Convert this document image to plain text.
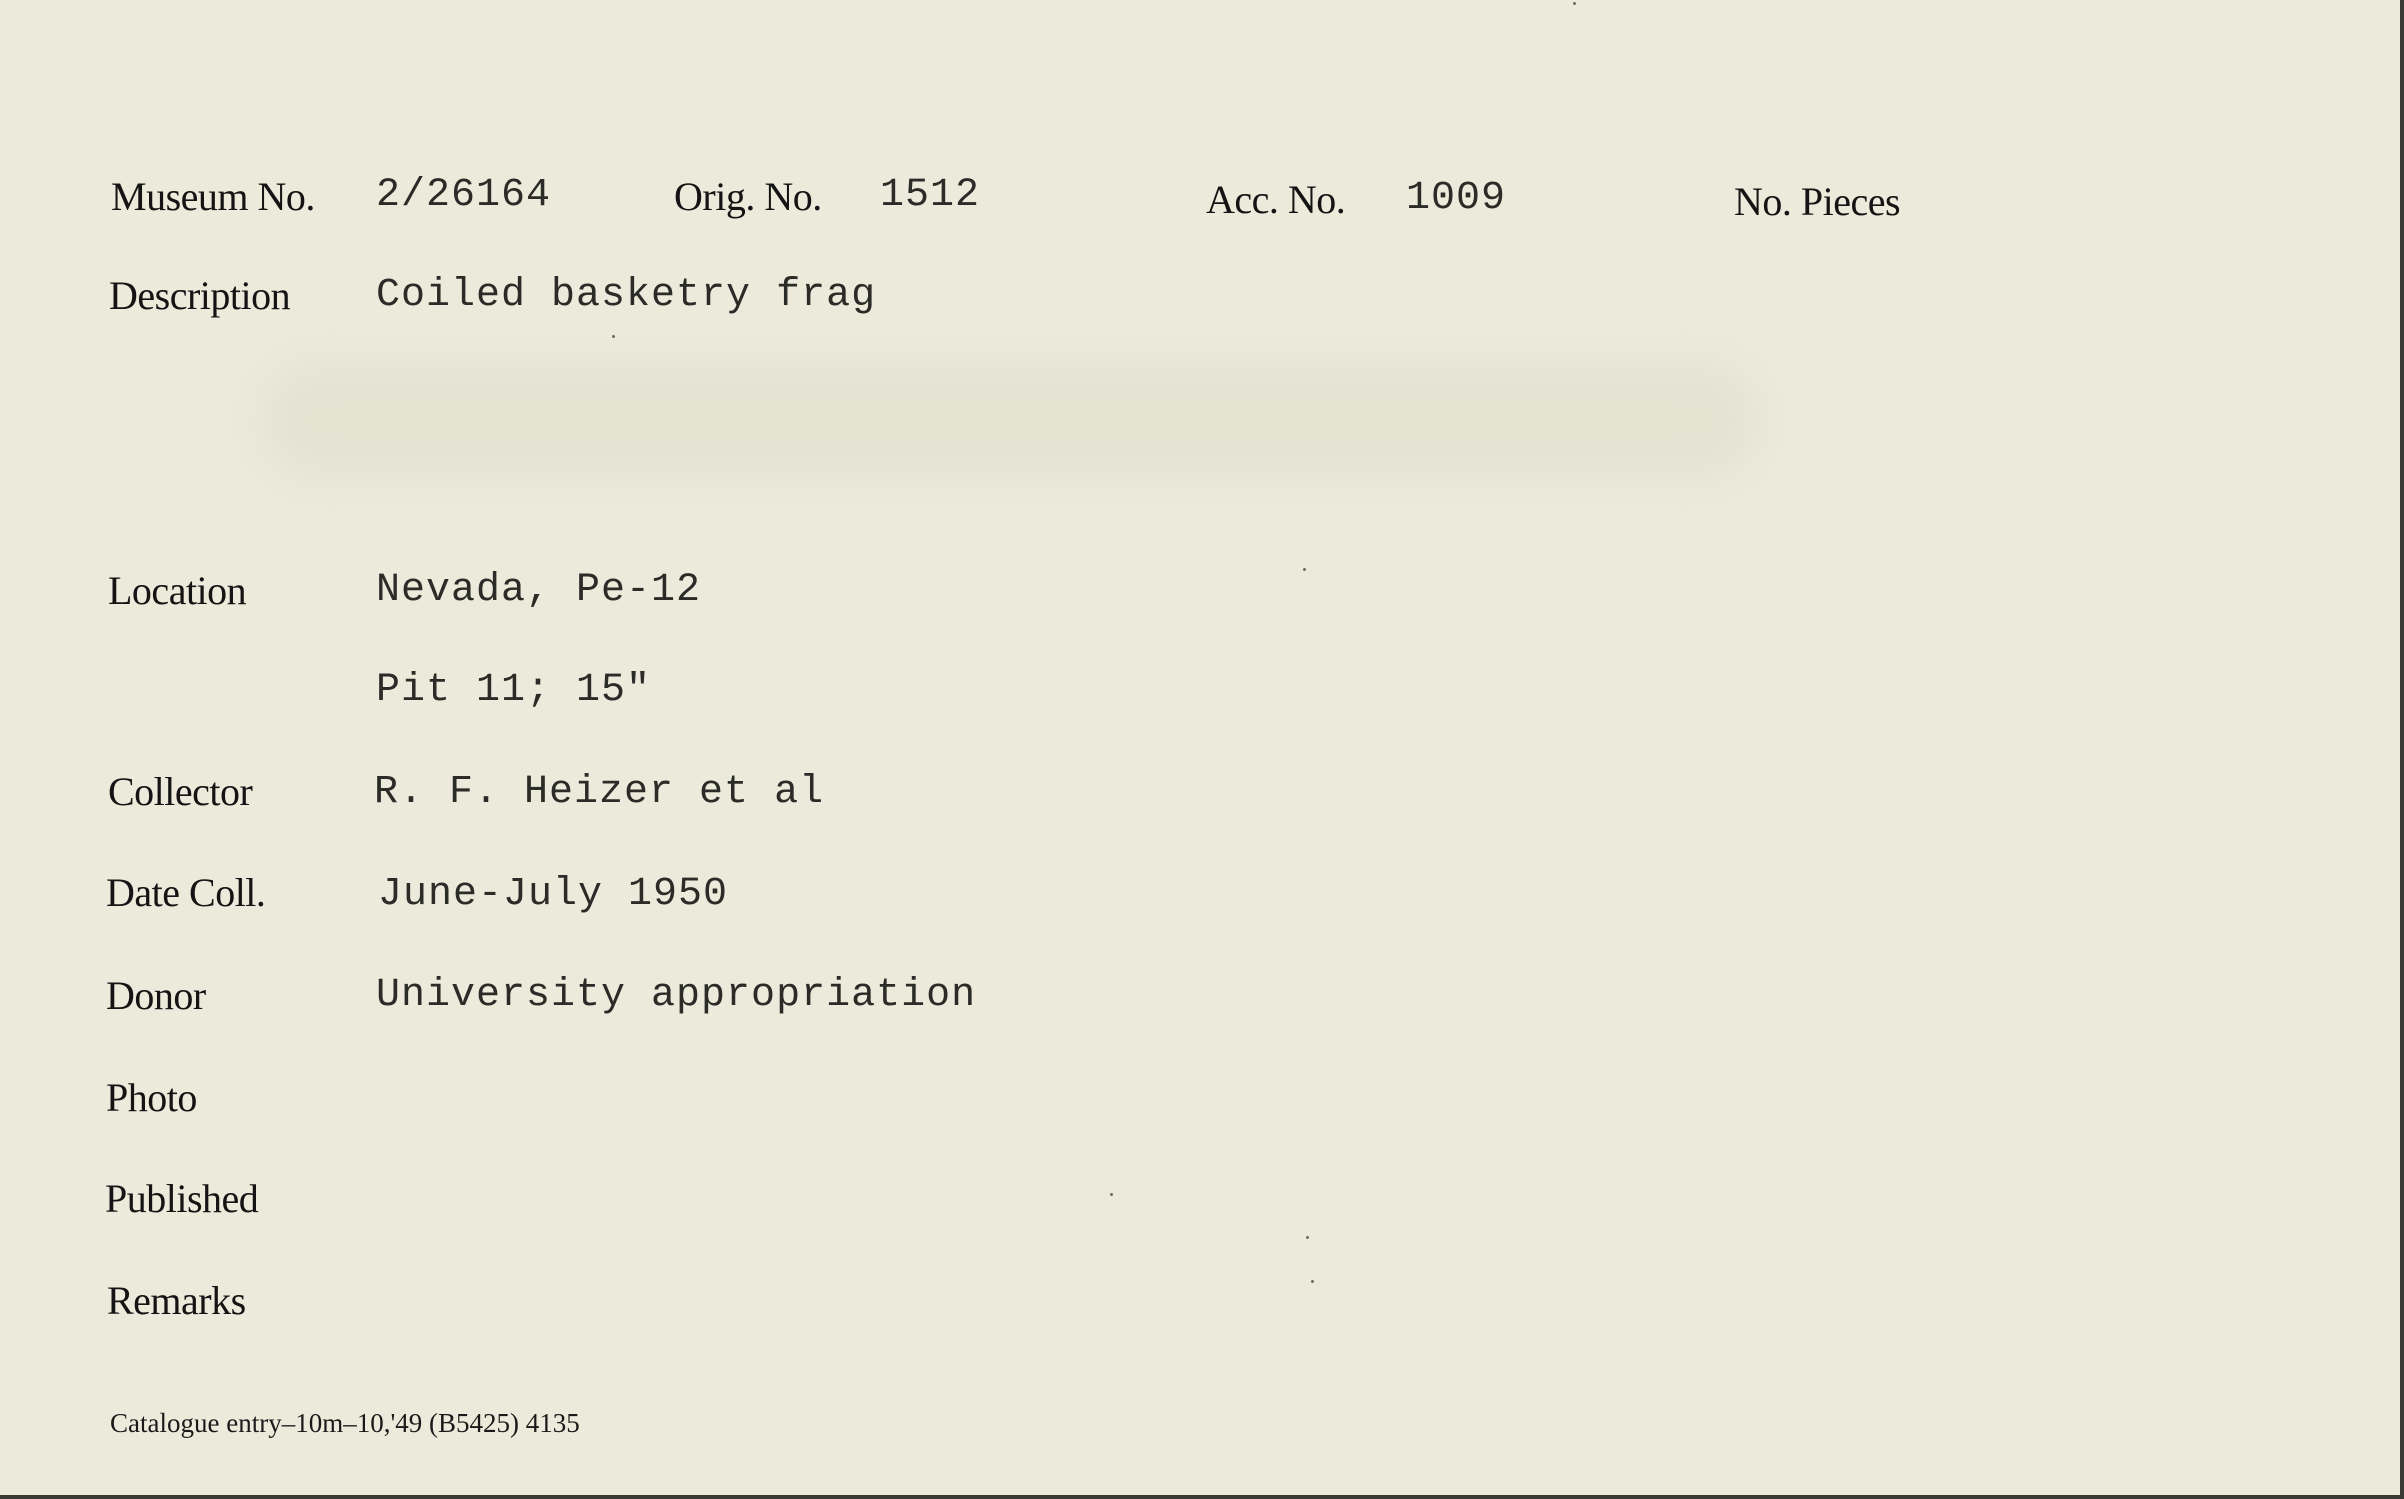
Museum No. 2/26164	Orig. No. 1512	Acc. No. 1009	No. Pieces
Description Coiled basketry frag
Location	Nevada, Pe-12
Pit 11; 15"
Collector	R. F. Heizer et al
Date Coll.	June-July 1950
Donor	University appropriation
Photo
Published
Remarks
Catalogue entry–10m–10,'49 (B5425) 4135
